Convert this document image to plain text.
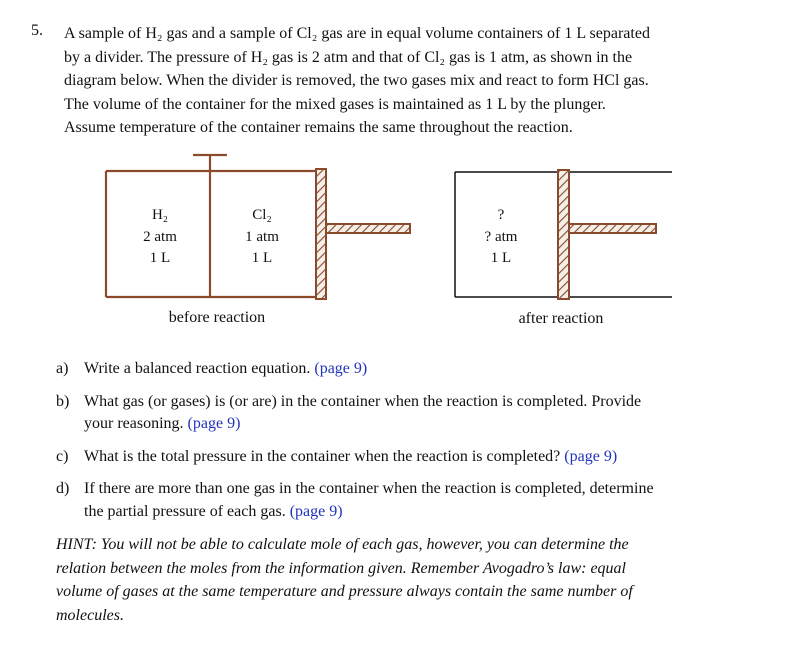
5. A sample of H₂ gas and a sample of Cl₂ gas are in equal volume containers of 1 L separated
by a divider. The pressure of H₂ gas is 2 atm and that of Cl₂ gas is 1 atm, as shown in the
diagram below. When the divider is removed, the two gases mix and react to form HCl gas.
The volume of the container for the mixed gases is maintained as 1 L by the plunger.
Assume temperature of the container remains the same throughout the reaction.
H₂
2 atm
1 L
Cl₂
1 atm
1 L
before reaction
?
? atm
1 L
after reaction
a) Write a balanced reaction equation. (page 9)
b) What gas (or gases) is (or are) in the container when the reaction is completed. Provide
your reasoning. (page 9)
c) What is the total pressure in the container when the reaction is completed? (page 9)
d) If there are more than one gas in the container when the reaction is completed, determine
the partial pressure of each gas. (page 9)
HINT: You will not be able to calculate mole of each gas, however, you can determine the
relation between the moles from the information given. Remember Avogadro’s law: equal
volume of gases at the same temperature and pressure always contain the same number of
molecules.
